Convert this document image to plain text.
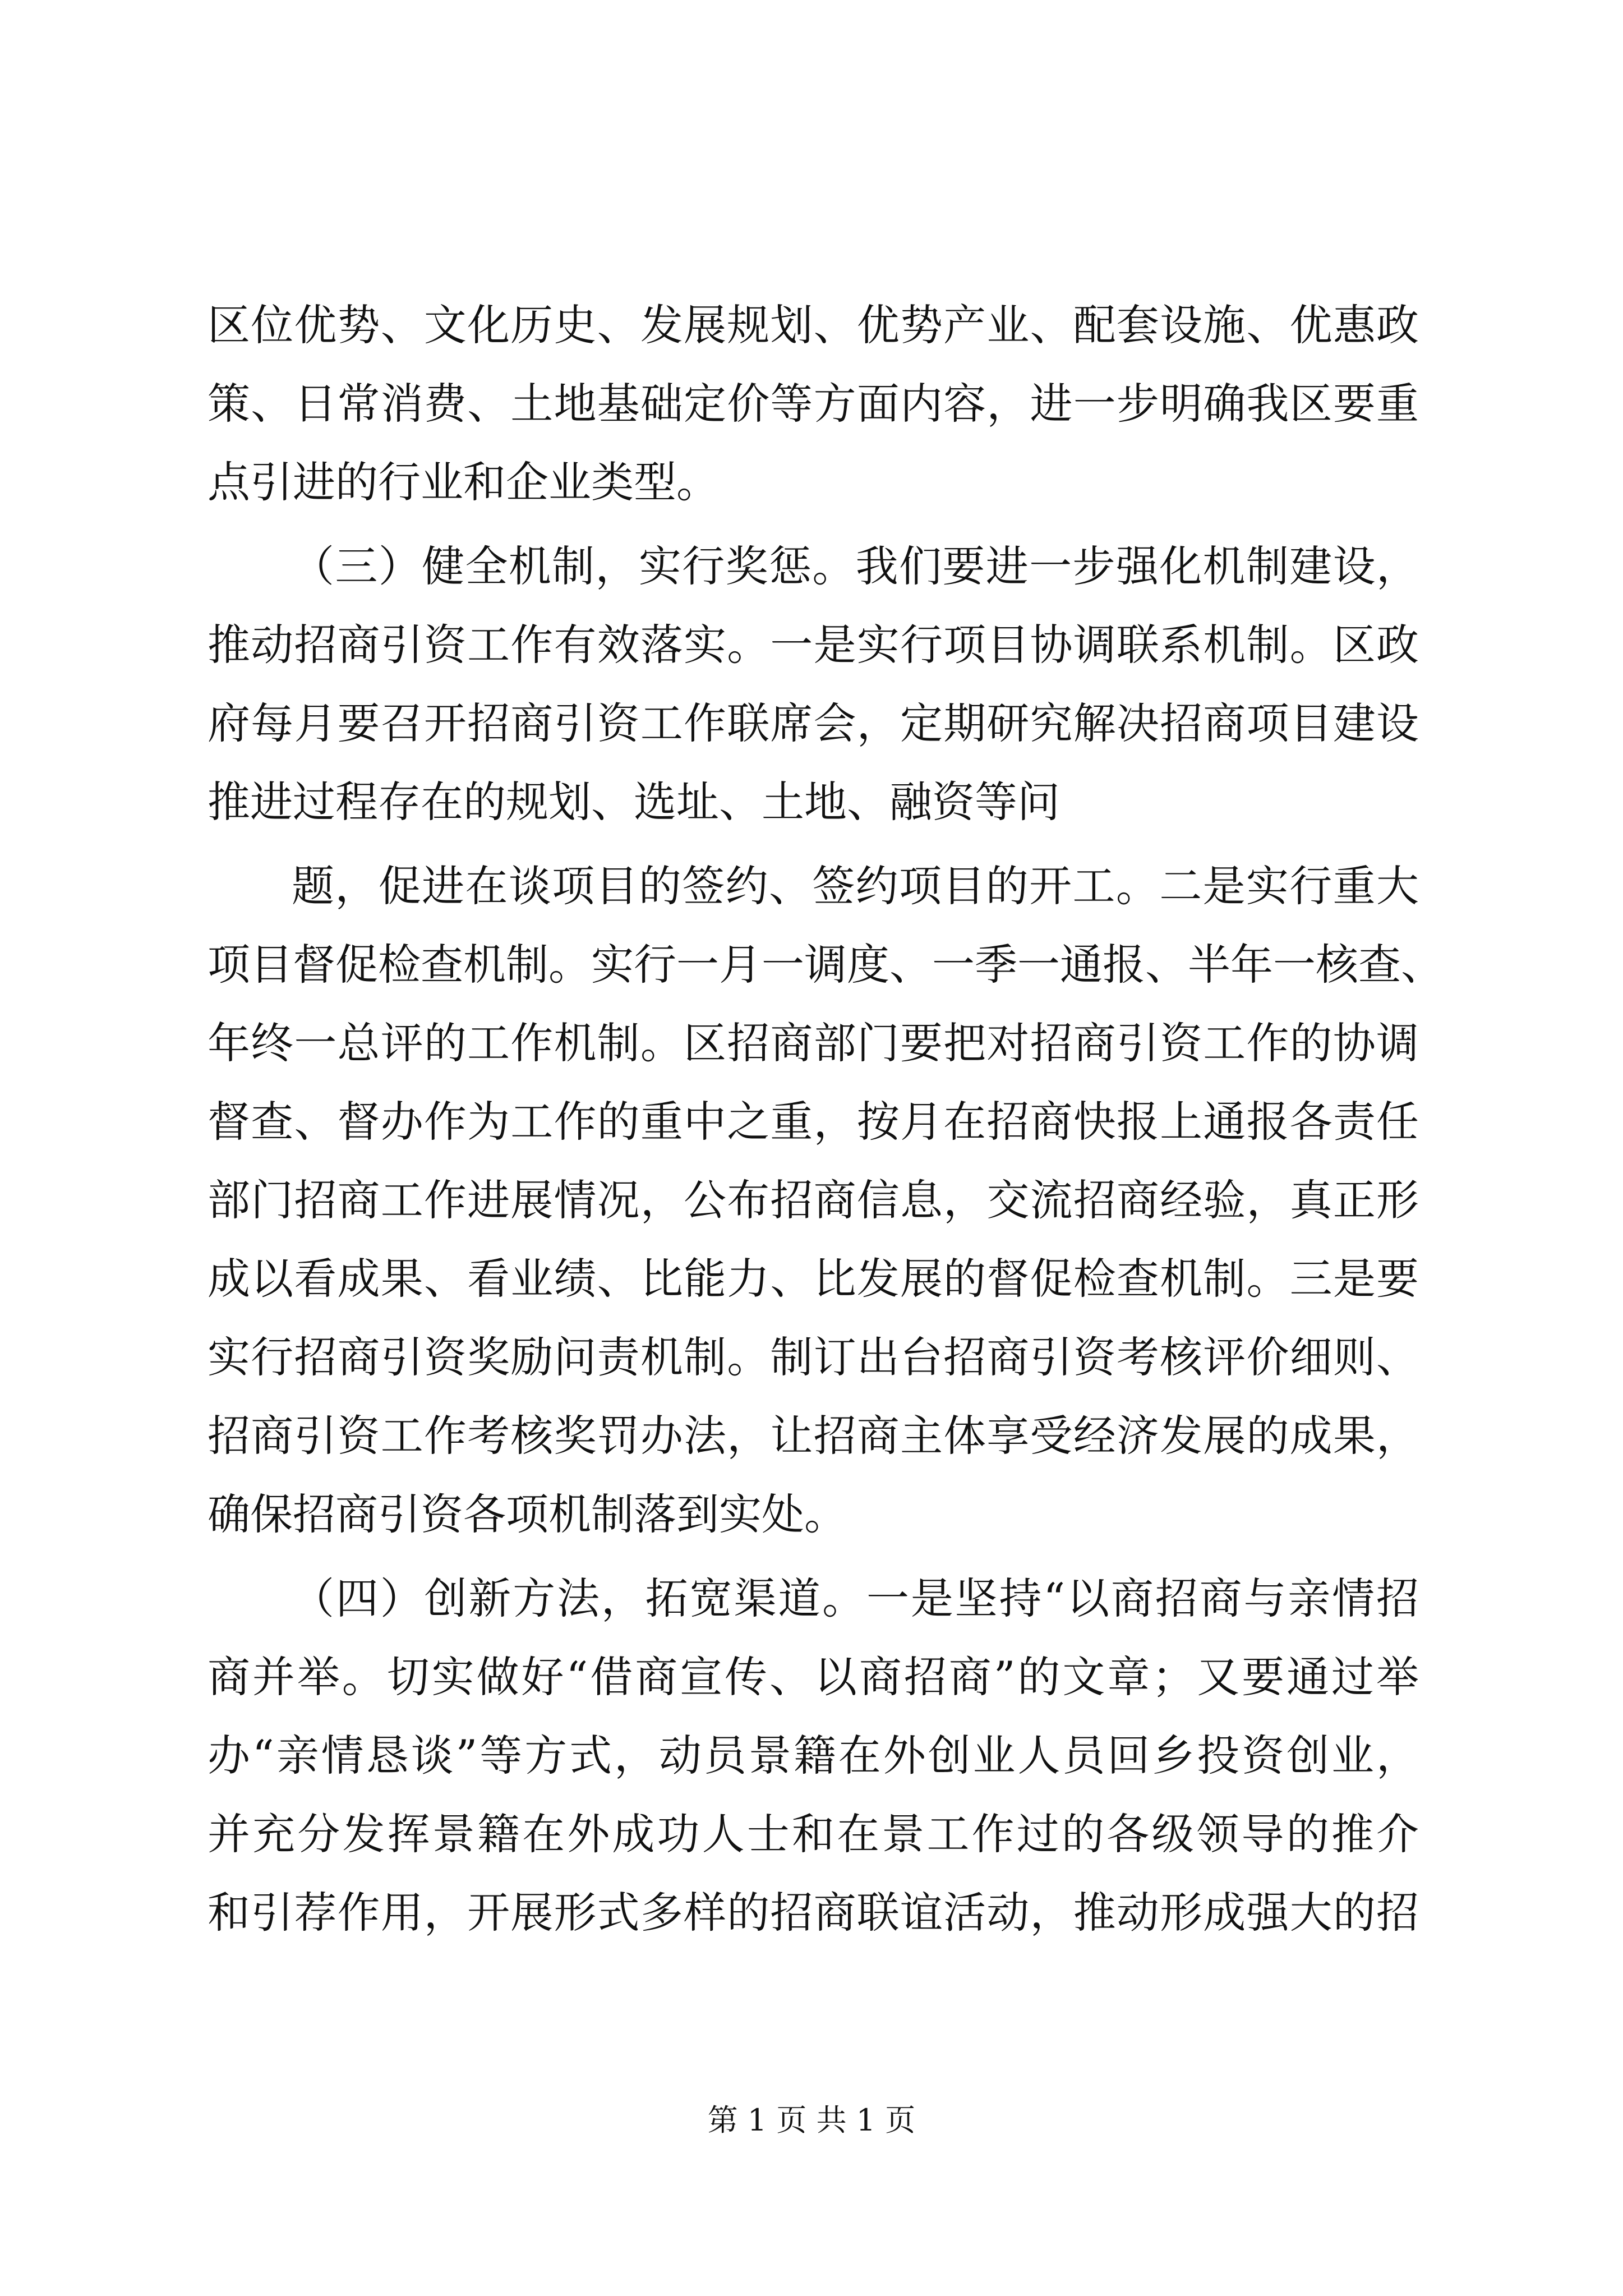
区位优势、文化历史、发展规划、优势产业、配套设施、优惠政
策、日常消费、土地基础定价等方面内容，进一步明确我区要重
点引进的行业和企业类型。
（三）健全机制，实行奖惩。我们要进一步强化机制建设，
推动招商引资工作有效落实。一是实行项目协调联系机制。区政
府每月要召开招商引资工作联席会，定期研究解决招商项目建设
推进过程存在的规划、选址、土地、融资等问
题，促进在谈项目的签约、签约项目的开工。二是实行重大
项目督促检查机制。实行一月一调度、一季一通报、半年一核查、
年终一总评的工作机制。区招商部门要把对招商引资工作的协调
督查、督办作为工作的重中之重，按月在招商快报上通报各责任
部门招商工作进展情况，公布招商信息，交流招商经验，真正形
成以看成果、看业绩、比能力、比发展的督促检查机制。三是要
实行招商引资奖励问责机制。制订出台招商引资考核评价细则、
招商引资工作考核奖罚办法，让招商主体享受经济发展的成果，
确保招商引资各项机制落到实处。
（四）创新方法，拓宽渠道。一是坚持“以商招商与亲情招
商并举。切实做好“借商宣传、以商招商”的文章；又要通过举
办“亲情恳谈”等方式，动员景籍在外创业人员回乡投资创业，
并充分发挥景籍在外成功人士和在景工作过的各级领导的推介
和引荐作用，开展形式多样的招商联谊活动，推动形成强大的招
第 1 页 共 1 页
